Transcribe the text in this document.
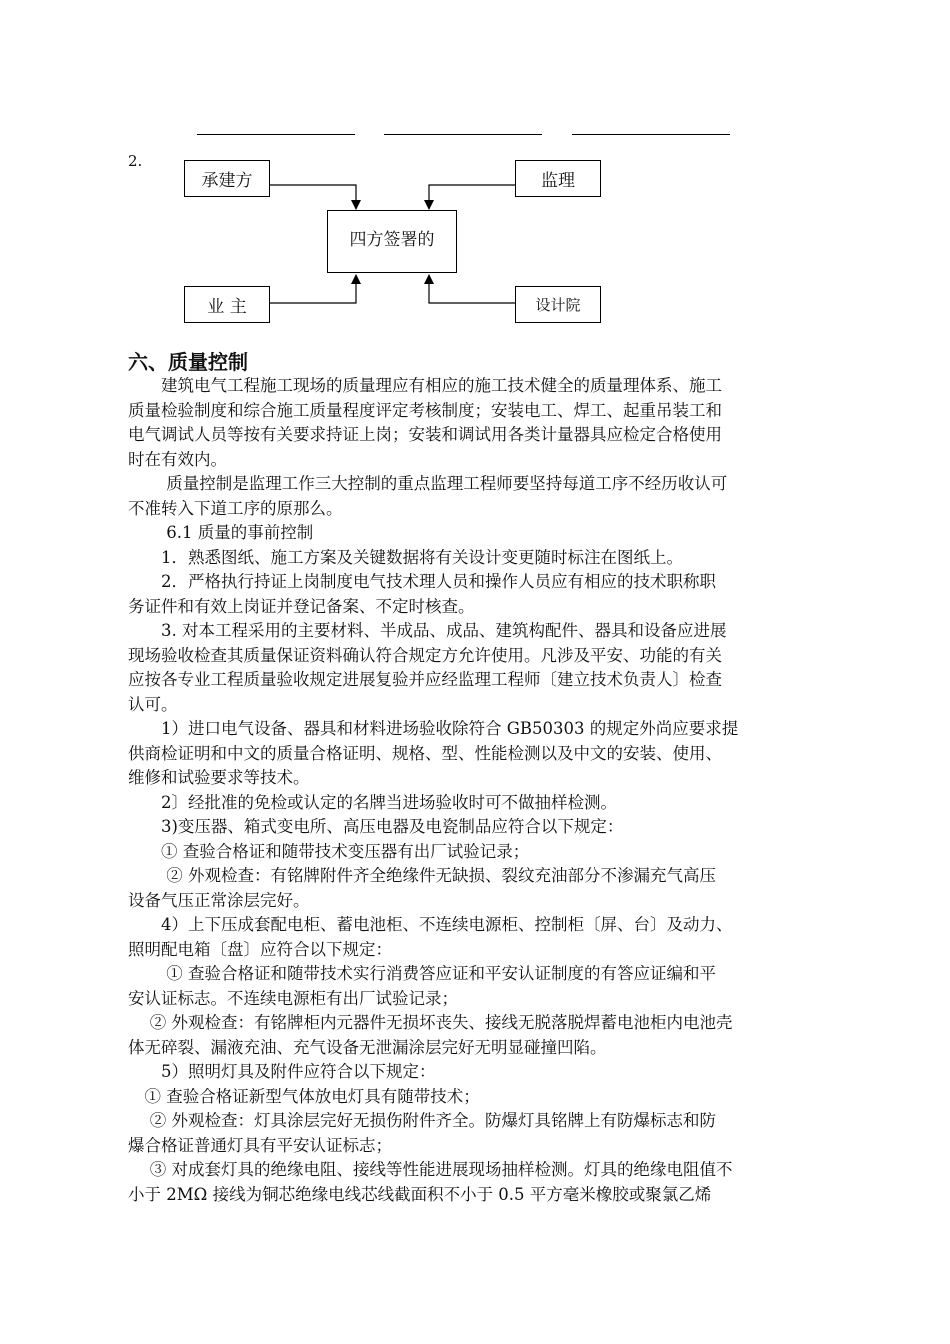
2.
承建方	监理
四方签署的
业 主	设计院
六、质量控制
　　建筑电气工程施工现场的质量理应有相应的施工技术健全的质量理体系、施工
质量检验制度和综合施工质量程度评定考核制度；安装电工、焊工、起重吊装工和
电气调试人员等按有关要求持证上岗；安装和调试用各类计量器具应检定合格使用
时在有效内。
　　 质量控制是监理工作三大控制的重点监理工程师要坚持每道工序不经历收认可
不准转入下道工序的原那么。
　　 6.1 质量的事前控制
　　1．熟悉图纸、施工方案及关键数据将有关设计变更随时标注在图纸上。
　　2．严格执行持证上岗制度电气技术理人员和操作人员应有相应的技术职称职
务证件和有效上岗证并登记备案、不定时核查。
　　3. 对本工程采用的主要材料、半成品、成品、建筑构配件、器具和设备应进展
现场验收检查其质量保证资料确认符合规定方允许使用。凡涉及平安、功能的有关
应按各专业工程质量验收规定进展复验并应经监理工程师〔建立技术负责人〕检查
认可。
　　1）进口电气设备、器具和材料进场验收除符合 GB50303 的规定外尚应要求提
供商检证明和中文的质量合格证明、规格、型、性能检测以及中文的安装、使用、
维修和试验要求等技术。
　　2〕经批准的免检或认定的名牌当进场验收时可不做抽样检测。
　　3)变压器、箱式变电所、高压电器及电瓷制品应符合以下规定：
　　① 查验合格证和随带技术变压器有出厂试验记录；
　　 ② 外观检查：有铭牌附件齐全绝缘件无缺损、裂纹充油部分不渗漏充气高压
设备气压正常涂层完好。
　　4）上下压成套配电柜、蓄电池柜、不连续电源柜、控制柜〔屏、台〕及动力、
照明配电箱〔盘〕应符合以下规定：
　　 ① 查验合格证和随带技术实行消费答应证和平安认证制度的有答应证编和平
安认证标志。不连续电源柜有出厂试验记录；
　 ② 外观检查：有铭牌柜内元器件无损坏丧失、接线无脱落脱焊蓄电池柜内电池壳
体无碎裂、漏液充油、充气设备无泄漏涂层完好无明显碰撞凹陷。
　　5）照明灯具及附件应符合以下规定：
　① 查验合格证新型气体放电灯具有随带技术；
　 ② 外观检查：灯具涂层完好无损伤附件齐全。防爆灯具铭牌上有防爆标志和防
爆合格证普通灯具有平安认证标志；
　 ③ 对成套灯具的绝缘电阻、接线等性能进展现场抽样检测。灯具的绝缘电阻值不
小于 2MΩ 接线为铜芯绝缘电线芯线截面积不小于 0.5 平方毫米橡胶或聚氯乙烯
